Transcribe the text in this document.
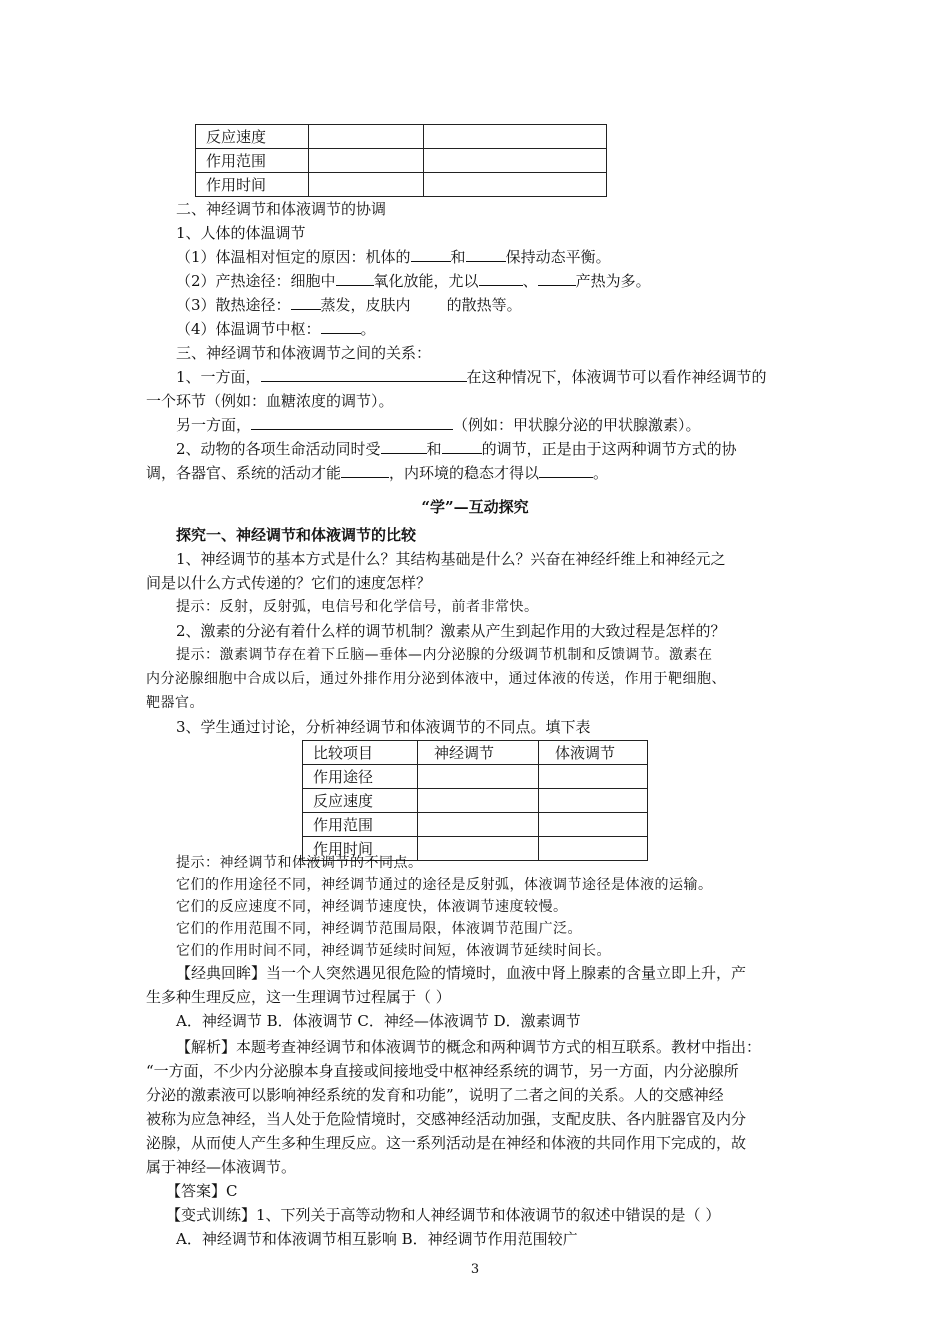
反应速度		
作用范围		
作用时间		
二、神经调节和体液调节的协调
1、人体的体温调节
（1）体温相对恒定的原因：机体的	和	保持动态平衡。
（2）产热途径：细胞中	氧化放能，尤以	、	产热为多。
（3）散热途径： 蒸发，皮肤内 的散热等。
（4）体温调节中枢：	。
三、神经调节和体液调节之间的关系：
1、一方面，	在这种情况下，体液调节可以看作神经调节的
一个环节（例如：血糖浓度的调节）。
另一方面，	（例如：甲状腺分泌的甲状腺激素）。
2、动物的各项生命活动同时受	和	的调节，正是由于这两种调节方式的协
调，各器官、系统的活动才能	，内环境的稳态才得以	。
“学”—互动探究
探究一、神经调节和体液调节的比较
1、神经调节的基本方式是什么？其结构基础是什么？兴奋在神经纤维上和神经元之
间是以什么方式传递的？它们的速度怎样？
提示：反射，反射弧，电信号和化学信号，前者非常快。
2、激素的分泌有着什么样的调节机制？激素从产生到起作用的大致过程是怎样的？
提示：激素调节存在着下丘脑—垂体—内分泌腺的分级调节机制和反馈调节。激素在
内分泌腺细胞中合成以后，通过外排作用分泌到体液中，通过体液的传送，作用于靶细胞、
靶器官。
3、学生通过讨论，分析神经调节和体液调节的不同点。填下表
比较项目	神经调节	体液调节
作用途径		
反应速度		
作用范围		
作用时间		
提示：神经调节和体液调节的不同点。
它们的作用途径不同，神经调节通过的途径是反射弧，体液调节途径是体液的运输。
它们的反应速度不同，神经调节速度快，体液调节速度较慢。
它们的作用范围不同，神经调节范围局限，体液调节范围广泛。
它们的作用时间不同，神经调节延续时间短，体液调节延续时间长。
【经典回眸】当一个人突然遇见很危险的情境时，血液中肾上腺素的含量立即上升，产
生多种生理反应，这一生理调节过程属于（ ）
A．神经调节 B．体液调节 C．神经—体液调节 D．激素调节
【解析】本题考查神经调节和体液调节的概念和两种调节方式的相互联系。教材中指出：
“一方面，不少内分泌腺本身直接或间接地受中枢神经系统的调节，另一方面，内分泌腺所
分泌的激素液可以影响神经系统的发育和功能”，说明了二者之间的关系。人的交感神经
被称为应急神经，当人处于危险情境时，交感神经活动加强，支配皮肤、各内脏器官及内分
泌腺，从而使人产生多种生理反应。这一系列活动是在神经和体液的共同作用下完成的，故
属于神经—体液调节。
【答案】C
【变式训练】1、下列关于高等动物和人神经调节和体液调节的叙述中错误的是（ ）
A．神经调节和体液调节相互影响 B．神经调节作用范围较广
3
